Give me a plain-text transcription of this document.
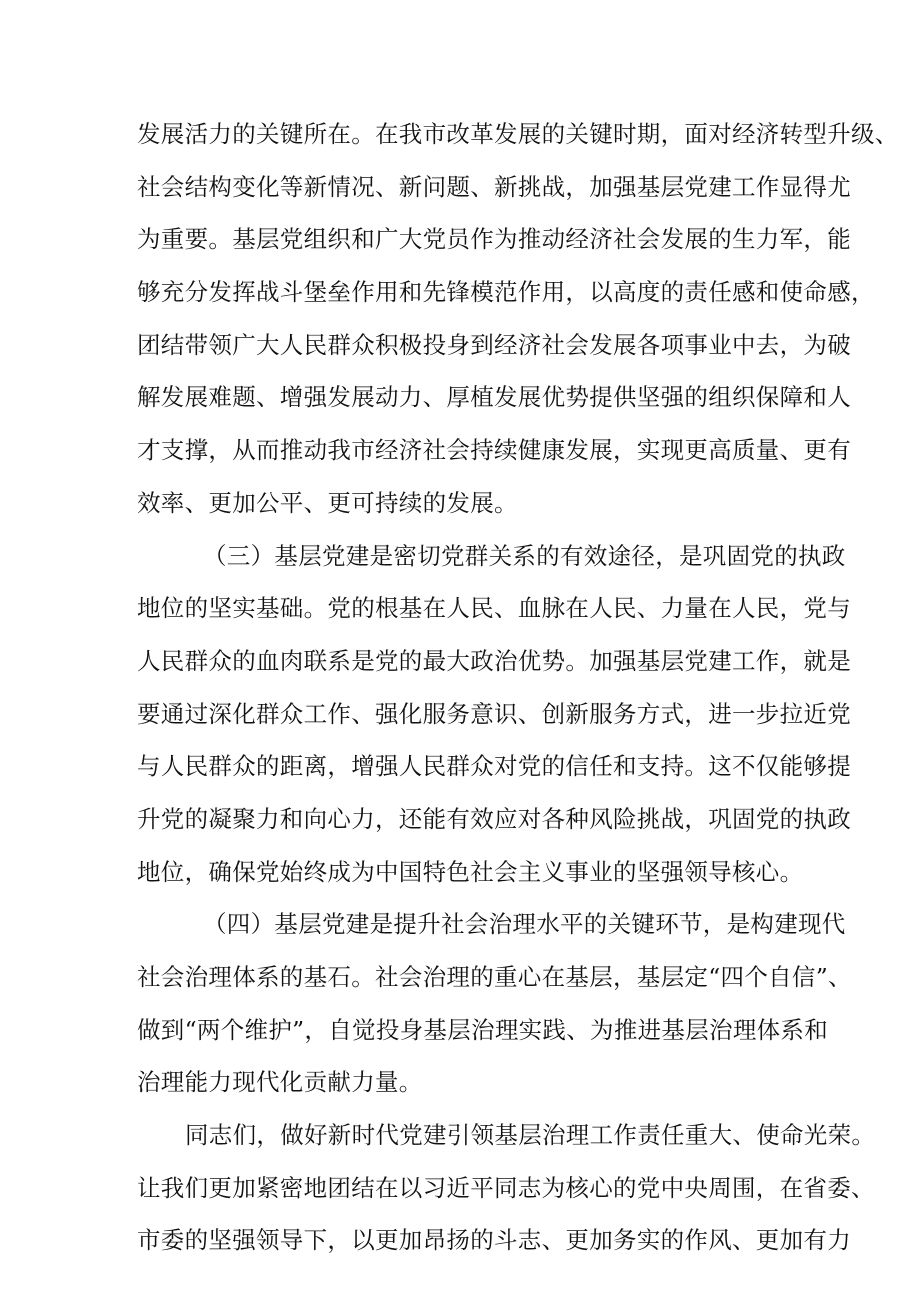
发展活力的关键所在。在我市改革发展的关键时期，面对经济转型升级、
社会结构变化等新情况、新问题、新挑战，加强基层党建工作显得尤
为重要。基层党组织和广大党员作为推动经济社会发展的生力军，能
够充分发挥战斗堡垒作用和先锋模范作用，以高度的责任感和使命感，
团结带领广大人民群众积极投身到经济社会发展各项事业中去，为破
解发展难题、增强发展动力、厚植发展优势提供坚强的组织保障和人
才支撑，从而推动我市经济社会持续健康发展，实现更高质量、更有
效率、更加公平、更可持续的发展。
（三）基层党建是密切党群关系的有效途径，是巩固党的执政
地位的坚实基础。党的根基在人民、血脉在人民、力量在人民，党与
人民群众的血肉联系是党的最大政治优势。加强基层党建工作，就是
要通过深化群众工作、强化服务意识、创新服务方式，进一步拉近党
与人民群众的距离，增强人民群众对党的信任和支持。这不仅能够提
升党的凝聚力和向心力，还能有效应对各种风险挑战，巩固党的执政
地位，确保党始终成为中国特色社会主义事业的坚强领导核心。
（四）基层党建是提升社会治理水平的关键环节，是构建现代
社会治理体系的基石。社会治理的重心在基层，基层定“四个自信”、
做到“两个维护”，自觉投身基层治理实践、为推进基层治理体系和
治理能力现代化贡献力量。
同志们，做好新时代党建引领基层治理工作责任重大、使命光荣。
让我们更加紧密地团结在以习近平同志为核心的党中央周围，在省委、
市委的坚强领导下，以更加昂扬的斗志、更加务实的作风、更加有力
